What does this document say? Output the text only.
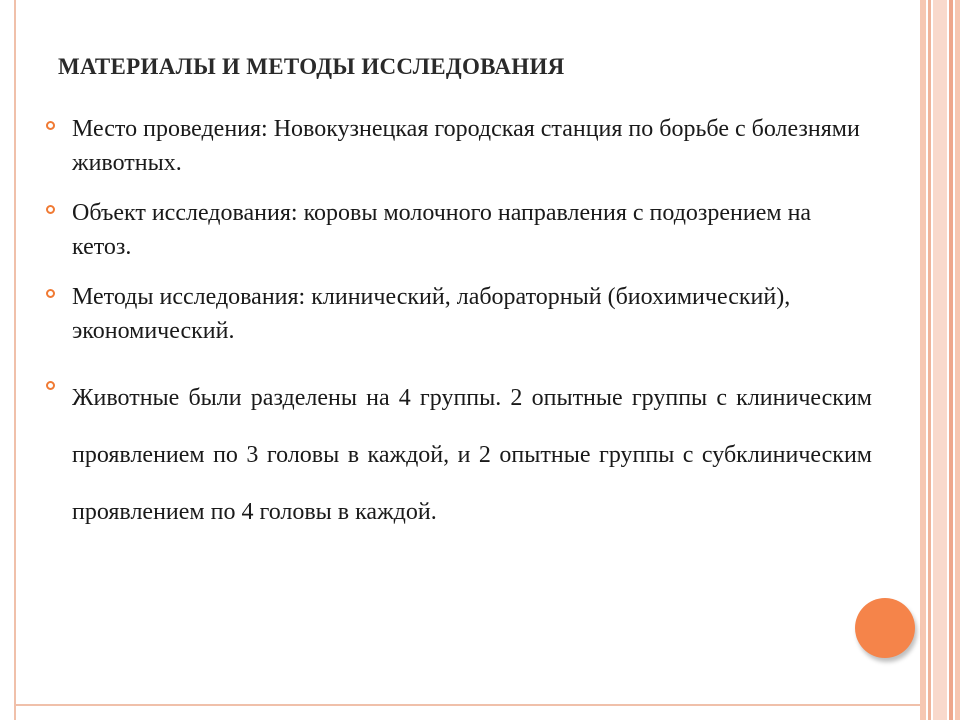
МАТЕРИАЛЫ И МЕТОДЫ ИССЛЕДОВАНИЯ
Место проведения: Новокузнецкая городская станция по борьбе с болезнями животных.
Объект исследования: коровы молочного направления с подозрением на кетоз.
Методы исследования: клинический, лабораторный (биохимический), экономический.
Животные были разделены на 4 группы. 2 опытные группы с клиническим проявлением по 3 головы в каждой, и 2 опытные группы с субклиническим проявлением по 4 головы в каждой.
